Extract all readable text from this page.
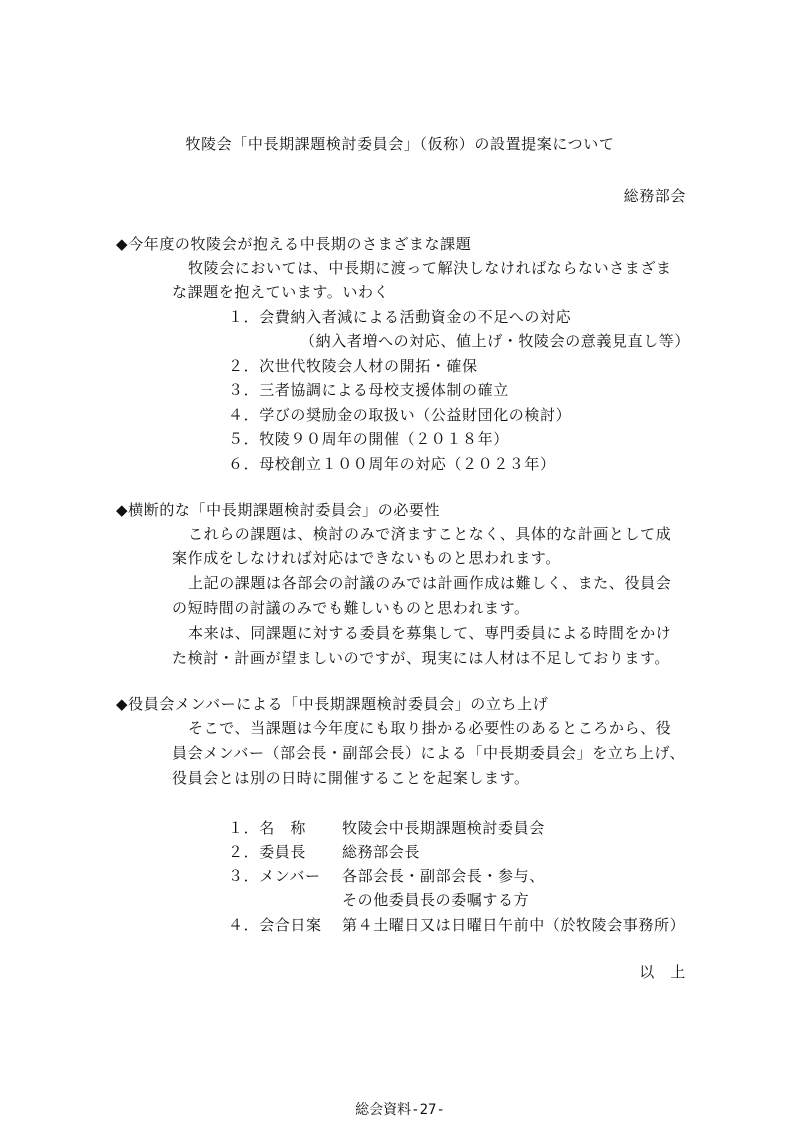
牧陵会「中長期課題検討委員会」（仮称）の設置提案について
総務部会
◆今年度の牧陵会が抱える中長期のさまざまな課題
牧陵会においては、中長期に渡って解決しなければならないさまざま
な課題を抱えています。いわく
１．会費納入者減による活動資金の不足への対応
（納入者増への対応、値上げ・牧陵会の意義見直し等）
２．次世代牧陵会人材の開拓・確保
３．三者協調による母校支援体制の確立
４．学びの奨励金の取扱い（公益財団化の検討）
５．牧陵９０周年の開催（２０１８年）
６．母校創立１００周年の対応（２０２３年）
◆横断的な「中長期課題検討委員会」の必要性
これらの課題は、検討のみで済ますことなく、具体的な計画として成
案作成をしなければ対応はできないものと思われます。
上記の課題は各部会の討議のみでは計画作成は難しく、また、役員会
の短時間の討議のみでも難しいものと思われます。
本来は、同課題に対する委員を募集して、専門委員による時間をかけ
た検討・計画が望ましいのですが、現実には人材は不足しております。
◆役員会メンバーによる「中長期課題検討委員会」の立ち上げ
そこで、当課題は今年度にも取り掛かる必要性のあるところから、役
員会メンバー（部会長・副部会長）による「中長期委員会」を立ち上げ、
役員会とは別の日時に開催することを起案します。
１．名　称 牧陵会中長期課題検討委員会
２．委員長 総務部会長
３．メンバー 各部会長・副部会長・参与、
その他委員長の委嘱する方
４．会合日案 第４土曜日又は日曜日午前中（於牧陵会事務所）
以　上
総会資料-27-
